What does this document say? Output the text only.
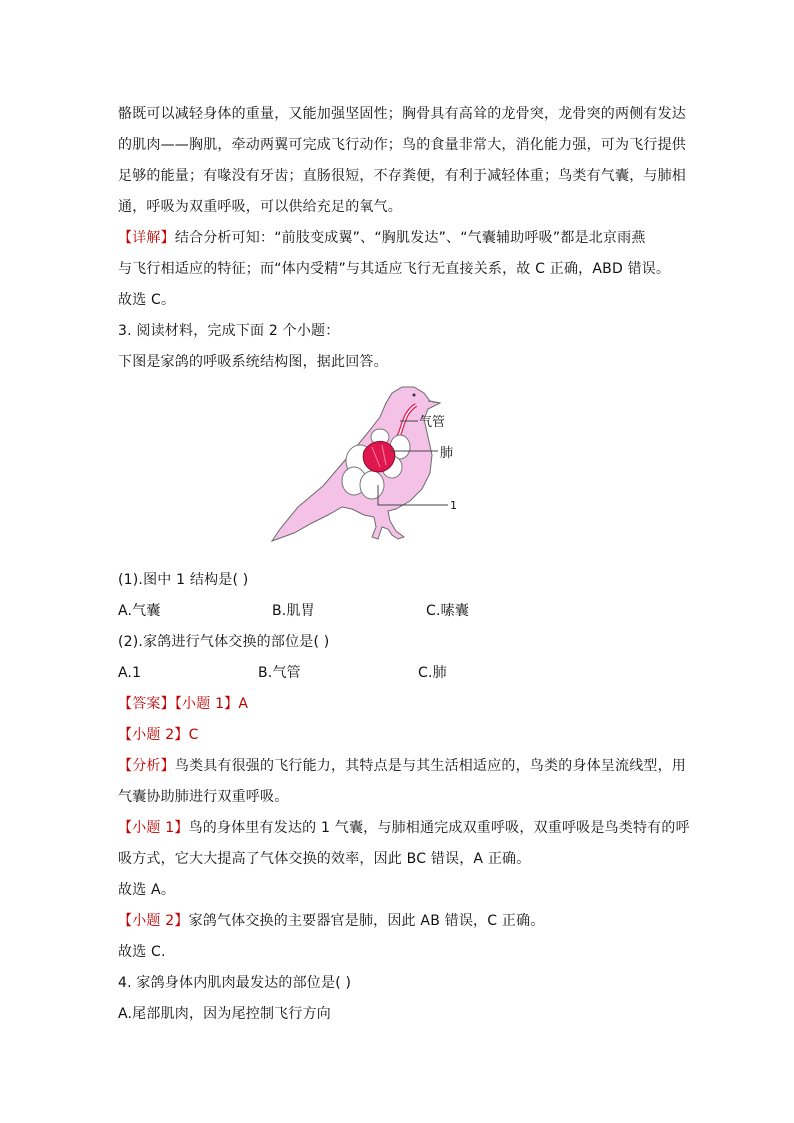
骼既可以减轻身体的重量，又能加强坚固性；胸骨具有高耸的龙骨突，龙骨突的两侧有发达
的肌肉——胸肌，牵动两翼可完成飞行动作；鸟的食量非常大，消化能力强，可为飞行提供
足够的能量；有喙没有牙齿；直肠很短，不存粪便，有利于减轻体重；鸟类有气囊，与肺相
通，呼吸为双重呼吸，可以供给充足的氧气。
【详解】结合分析可知：“前肢变成翼”、“胸肌发达”、“气囊辅助呼吸”都是北京雨燕
与飞行相适应的特征；而“体内受精”与其适应飞行无直接关系，故 C 正确，ABD 错误。
故选 C。
3. 阅读材料，完成下面 2 个小题：
下图是家鸽的呼吸系统结构图，据此回答。
气管
肺
1
(1).图中 1 结构是( )
A.气囊	B.肌胃	C.嗉囊
(2).家鸽进行气体交换的部位是( )
A.1	B.气管	C.肺
【答案】【小题 1】A
【小题 2】C
【分析】鸟类具有很强的飞行能力，其特点是与其生活相适应的，鸟类的身体呈流线型，用
气囊协助肺进行双重呼吸。
【小题 1】鸟的身体里有发达的 1 气囊，与肺相通完成双重呼吸，双重呼吸是鸟类特有的呼
吸方式，它大大提高了气体交换的效率，因此 BC 错误，A 正确。
故选 A。
【小题 2】家鸽气体交换的主要器官是肺，因此 AB 错误，C 正确。
故选 C.
4. 家鸽身体内肌肉最发达的部位是( )
A.尾部肌肉，因为尾控制飞行方向
